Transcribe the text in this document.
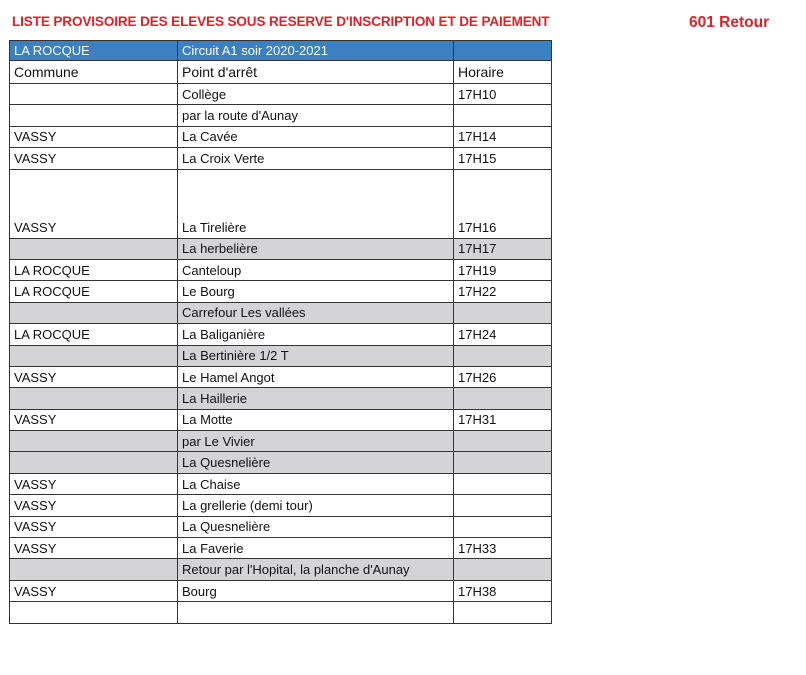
LISTE PROVISOIRE DES ELEVES SOUS RESERVE D'INSCRIPTION ET DE PAIEMENT	601 Retour
LA ROCQUE	Circuit A1 soir 2020-2021	
Commune	Point d'arrêt	Horaire
	Collège	17H10
	par la route d'Aunay	
VASSY	La Cavée	17H14
VASSY	La Croix Verte	17H15
VASSY	La Tirelière	17H16
	La herbelière	17H17
LA ROCQUE	Canteloup	17H19
LA ROCQUE	Le Bourg	17H22
	Carrefour Les vallées	
LA ROCQUE	La Baliganière	17H24
	La Bertinière 1/2 T	
VASSY	Le Hamel Angot	17H26
	La Haillerie	
VASSY	La Motte	17H31
	par Le Vivier	
	La Quesnelière	
VASSY	La Chaise	
VASSY	La grellerie (demi tour)	
VASSY	La Quesnelière	
VASSY	La Faverie	17H33
	Retour par l'Hopital, la planche d'Aunay	
VASSY	Bourg	17H38
